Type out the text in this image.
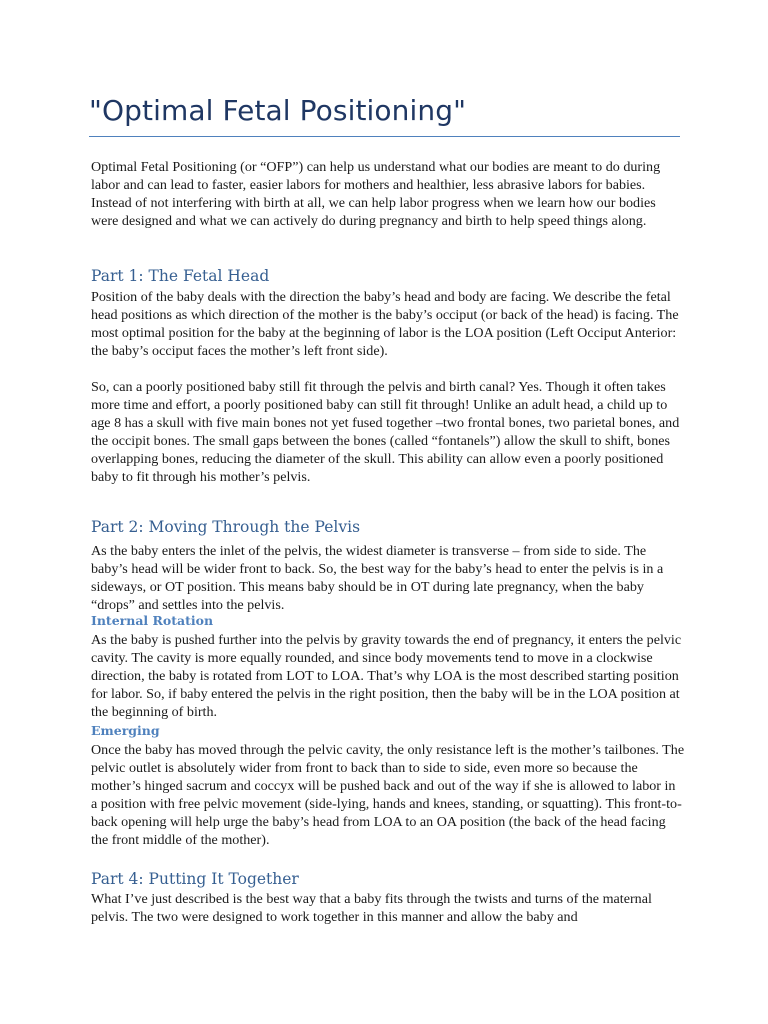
"Optimal Fetal Positioning"

Optimal Fetal Positioning (or “OFP”) can help us understand what our bodies are meant to do during labor and can lead to faster, easier labors for mothers and healthier, less abrasive labors for babies. Instead of not interfering with birth at all, we can help labor progress when we learn how our bodies were designed and what we can actively do during pregnancy and birth to help speed things along.

Part 1: The Fetal Head

Position of the baby deals with the direction the baby’s head and body are facing. We describe the fetal head positions as which direction of the mother is the baby’s occiput (or back of the head) is facing. The most optimal position for the baby at the beginning of labor is the LOA position (Left Occiput Anterior: the baby’s occiput faces the mother’s left front side).

So, can a poorly positioned baby still fit through the pelvis and birth canal? Yes. Though it often takes more time and effort, a poorly positioned baby can still fit through! Unlike an adult head, a child up to age 8 has a skull with five main bones not yet fused together –two frontal bones, two parietal bones, and the occipit bones. The small gaps between the bones (called “fontanels”) allow the skull to shift, bones overlapping bones, reducing the diameter of the skull. This ability can allow even a poorly positioned baby to fit through his mother’s pelvis.

Part 2: Moving Through the Pelvis

As the baby enters the inlet of the pelvis, the widest diameter is transverse – from side to side. The baby’s head will be wider front to back. So, the best way for the baby’s head to enter the pelvis is in a sideways, or OT position. This means baby should be in OT during late pregnancy, when the baby “drops” and settles into the pelvis.

Internal Rotation

As the baby is pushed further into the pelvis by gravity towards the end of pregnancy, it enters the pelvic cavity. The cavity is more equally rounded, and since body movements tend to move in a clockwise direction, the baby is rotated from LOT to LOA. That’s why LOA is the most described starting position for labor. So, if baby entered the pelvis in the right position, then the baby will be in the LOA position at the beginning of birth.

Emerging

Once the baby has moved through the pelvic cavity, the only resistance left is the mother’s tailbones. The pelvic outlet is absolutely wider from front to back than to side to side, even more so because the mother’s hinged sacrum and coccyx will be pushed back and out of the way if she is allowed to labor in a position with free pelvic movement (side-lying, hands and knees, standing, or squatting). This front-to-back opening will help urge the baby’s head from LOA to an OA position (the back of the head facing the front middle of the mother).

Part 4: Putting It Together

What I’ve just described is the best way that a baby fits through the twists and turns of the maternal pelvis. The two were designed to work together in this manner and allow the baby and
